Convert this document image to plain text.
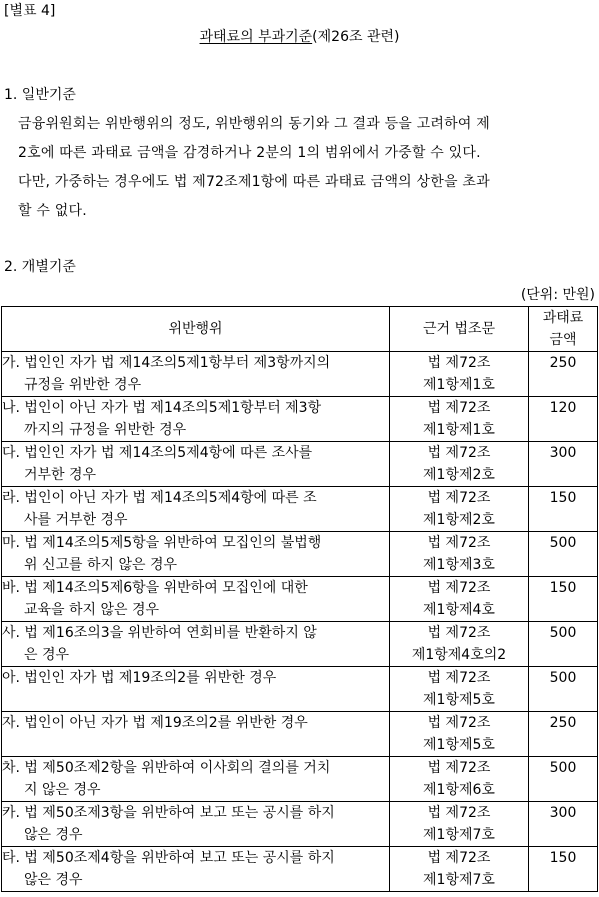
[별표 4]
과태료의 부과기준(제26조 관련)
1. 일반기준
금융위원회는 위반행위의 정도, 위반행위의 동기와 그 결과 등을 고려하여 제
2호에 따른 과태료 금액을 감경하거나 2분의 1의 범위에서 가중할 수 있다.
다만, 가중하는 경우에도 법 제72조제1항에 따른 과태료 금액의 상한을 초과
할 수 없다.
2. 개별기준
(단위: 만원)
위반행위	근거 법조문	과태료
금액

가. 법인인 자가 법 제14조의5제1항부터 제3항까지의
규정을 위반한 경우	법 제72조
제1항제1호	250

나. 법인이 아닌 자가 법 제14조의5제1항부터 제3항
까지의 규정을 위반한 경우	법 제72조
제1항제1호	120

다. 법인인 자가 법 제14조의5제4항에 따른 조사를
거부한 경우	법 제72조
제1항제2호	300

라. 법인이 아닌 자가 법 제14조의5제4항에 따른 조
사를 거부한 경우	법 제72조
제1항제2호	150

마. 법 제14조의5제5항을 위반하여 모집인의 불법행
위 신고를 하지 않은 경우	법 제72조
제1항제3호	500

바. 법 제14조의5제6항을 위반하여 모집인에 대한
교육을 하지 않은 경우	법 제72조
제1항제4호	150

사. 법 제16조의3을 위반하여 연회비를 반환하지 않
은 경우	법 제72조
제1항제4호의2	500

아. 법인인 자가 법 제19조의2를 위반한 경우	법 제72조
제1항제5호	500

자. 법인이 아닌 자가 법 제19조의2를 위반한 경우	법 제72조
제1항제5호	250

차. 법 제50조제2항을 위반하여 이사회의 결의를 거치
지 않은 경우	법 제72조
제1항제6호	500

카. 법 제50조제3항을 위반하여 보고 또는 공시를 하지
않은 경우	법 제72조
제1항제7호	300

타. 법 제50조제4항을 위반하여 보고 또는 공시를 하지
않은 경우	법 제72조
제1항제7호	150
